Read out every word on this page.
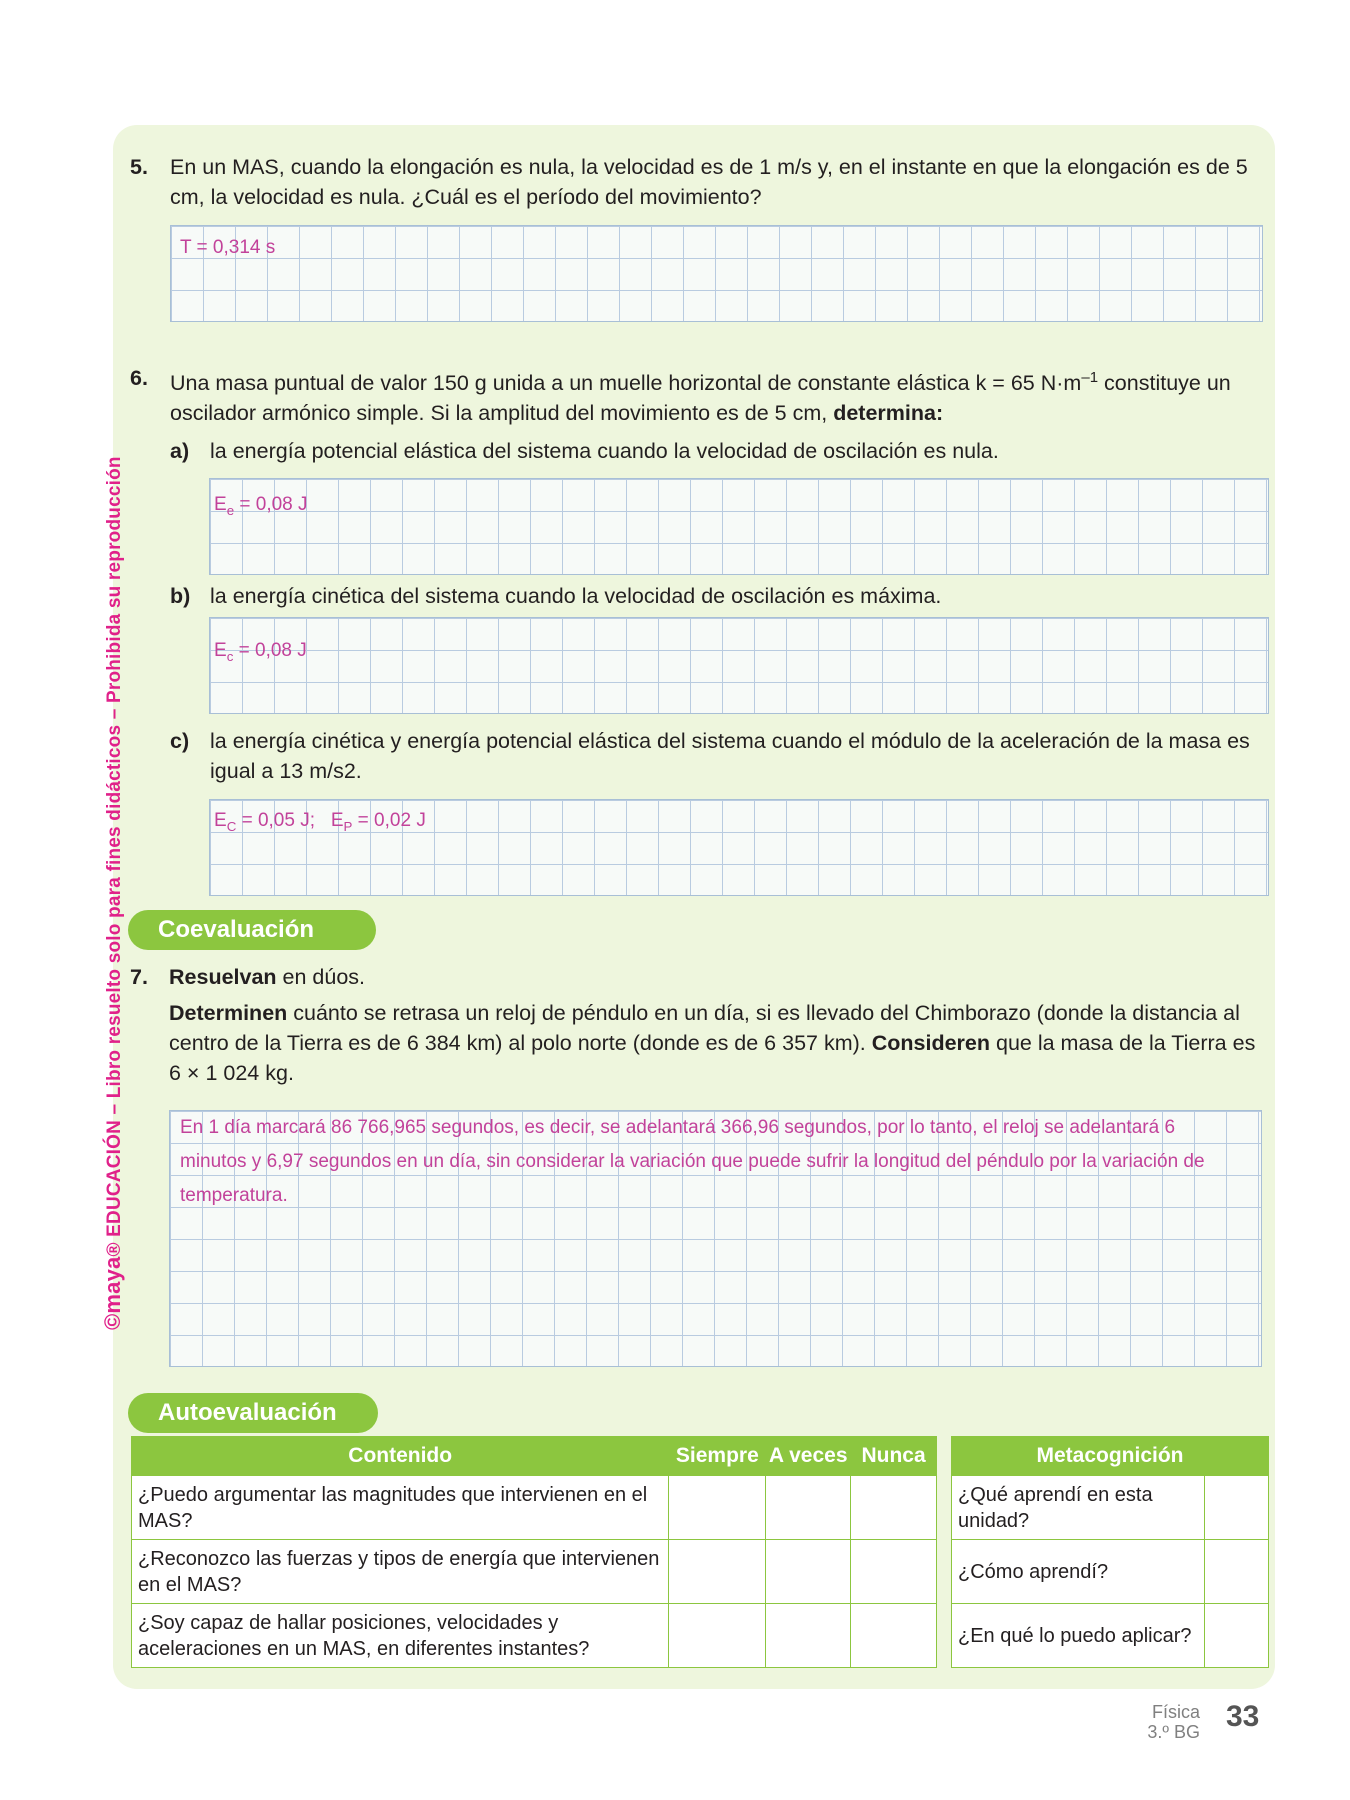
©maya® EDUCACIÓN – Libro resuelto solo para fines didácticos – Prohibida su reproducción
5. En un MAS, cuando la elongación es nula, la velocidad es de 1 m/s y, en el instante en que la elongación es de 5 cm, la velocidad es nula. ¿Cuál es el período del movimiento?
T = 0,314 s
6. Una masa puntual de valor 150 g unida a un muelle horizontal de constante elástica k = 65 $N\cdot m^{-1}$ constituye un oscilador armónico simple. Si la amplitud del movimiento es de 5 cm, determina:
a) la energía potencial elástica del sistema cuando la velocidad de oscilación es nula.
$E_e = 0,08$ J
b) la energía cinética del sistema cuando la velocidad de oscilación es máxima.
$E_c = 0,08$ J
c) la energía cinética y energía potencial elástica del sistema cuando el módulo de la aceleración de la masa es igual a 13 m/s2.
$E_C = 0,05$ J; $E_P = 0,02$ J
Coevaluación
7. Resuelvan en dúos.
Determinen cuánto se retrasa un reloj de péndulo en un día, si es llevado del Chimborazo (donde la distancia al centro de la Tierra es de 6 384 km) al polo norte (donde es de 6 357 km). Consideren que la masa de la Tierra es 6 × 1 024 kg.
En 1 día marcará 86 766,965 segundos, es decir, se adelantará 366,96 segundos, por lo tanto, el reloj se adelantará 6 minutos y 6,97 segundos en un día, sin considerar la variación que puede sufrir la longitud del péndulo por la variación de temperatura.
Autoevaluación
Contenido	Siempre	A veces	Nunca
¿Puedo argumentar las magnitudes que intervienen en el MAS?			
¿Reconozco las fuerzas y tipos de energía que intervienen en el MAS?			
¿Soy capaz de hallar posiciones, velocidades y aceleraciones en un MAS, en diferentes instantes?			
Metacognición	
¿Qué aprendí en esta unidad?	
¿Cómo aprendí?	
¿En qué lo puedo aplicar?	
Física
3.º BG 33
